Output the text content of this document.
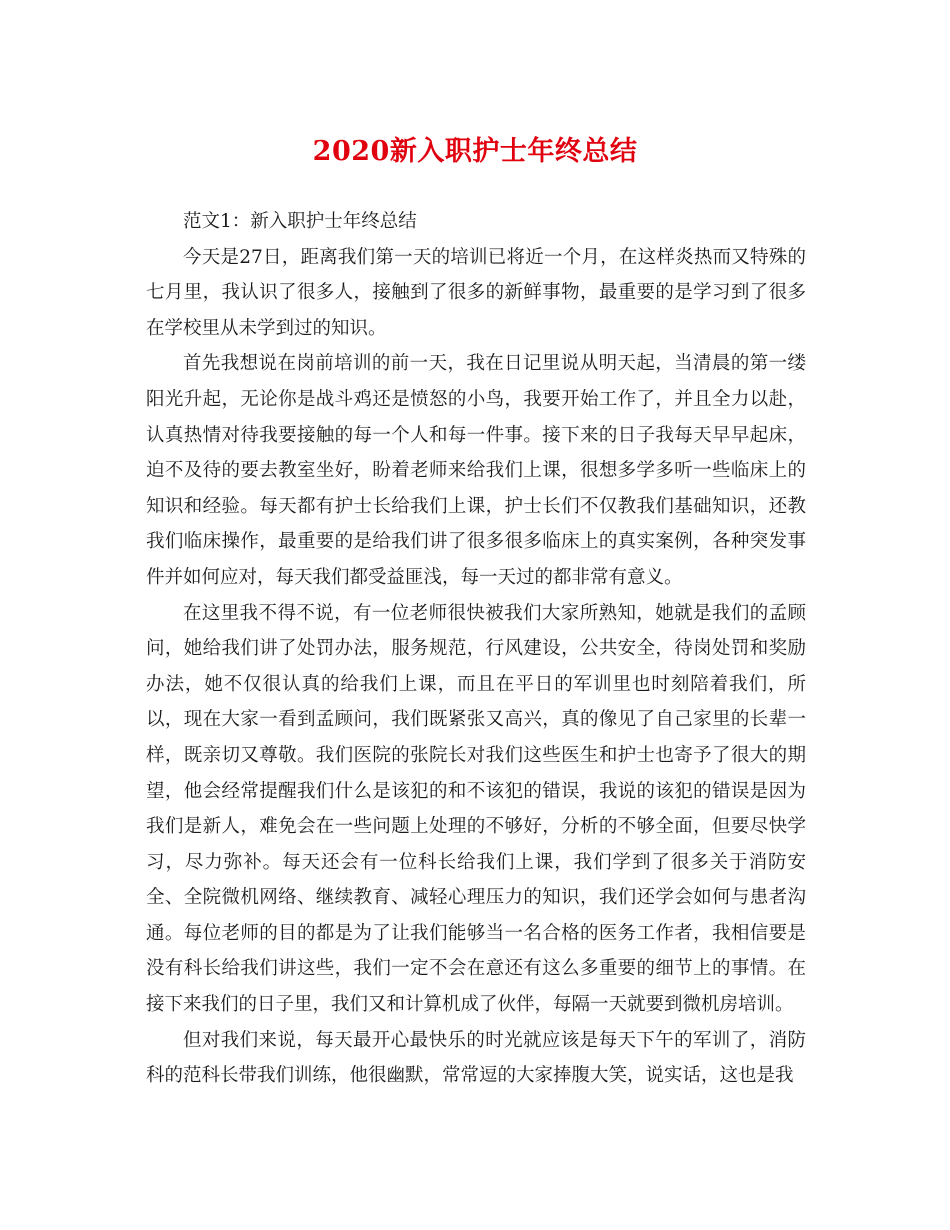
2020新入职护士年终总结

范文1：新入职护士年终总结

今天是27日，距离我们第一天的培训已将近一个月，在这样炎热而又特殊的七月里，我认识了很多人，接触到了很多的新鲜事物，最重要的是学习到了很多在学校里从未学到过的知识。

首先我想说在岗前培训的前一天，我在日记里说从明天起，当清晨的第一缕阳光升起，无论你是战斗鸡还是愤怒的小鸟，我要开始工作了，并且全力以赴，认真热情对待我要接触的每一个人和每一件事。接下来的日子我每天早早起床，迫不及待的要去教室坐好，盼着老师来给我们上课，很想多学多听一些临床上的知识和经验。每天都有护士长给我们上课，护士长们不仅教我们基础知识，还教我们临床操作，最重要的是给我们讲了很多很多临床上的真实案例，各种突发事件并如何应对，每天我们都受益匪浅，每一天过的都非常有意义。

在这里我不得不说，有一位老师很快被我们大家所熟知，她就是我们的孟顾问，她给我们讲了处罚办法，服务规范，行风建设，公共安全，待岗处罚和奖励办法，她不仅很认真的给我们上课，而且在平日的军训里也时刻陪着我们，所以，现在大家一看到孟顾问，我们既紧张又高兴，真的像见了自己家里的长辈一样，既亲切又尊敬。我们医院的张院长对我们这些医生和护士也寄予了很大的期望，他会经常提醒我们什么是该犯的和不该犯的错误，我说的该犯的错误是因为我们是新人，难免会在一些问题上处理的不够好，分析的不够全面，但要尽快学习，尽力弥补。每天还会有一位科长给我们上课，我们学到了很多关于消防安全、全院微机网络、继续教育、减轻心理压力的知识，我们还学会如何与患者沟通。每位老师的目的都是为了让我们能够当一名合格的医务工作者，我相信要是没有科长给我们讲这些，我们一定不会在意还有这么多重要的细节上的事情。在接下来我们的日子里，我们又和计算机成了伙伴，每隔一天就要到微机房培训。

但对我们来说，每天最开心最快乐的时光就应该是每天下午的军训了，消防科的范科长带我们训练，他很幽默，常常逗的大家捧腹大笑，说实话，这也是我
